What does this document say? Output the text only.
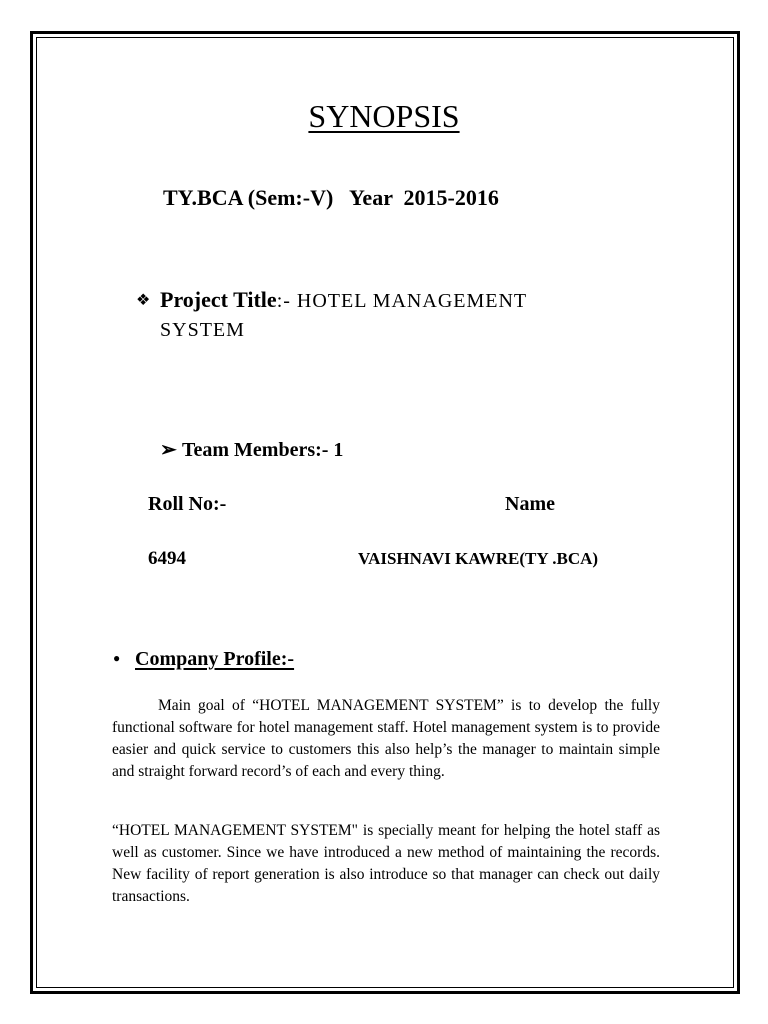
SYNOPSIS
TY.BCA (Sem:-V)   Year  2015-2016
❖ Project Title:- HOTEL MANAGEMENT
SYSTEM
➢ Team Members:- 1
Roll No:-	Name
6494	VAISHNAVI KAWRE(TY .BCA)
● Company Profile:-
Main goal of “HOTEL MANAGEMENT SYSTEM” is to develop the fully functional software for hotel management staff. Hotel management system is to provide easier and quick service to customers this also help’s the manager to maintain simple and straight forward record’s of each and every thing.
“HOTEL MANAGEMENT SYSTEM" is specially meant for helping the hotel staff as well as customer. Since we have introduced a new method of maintaining the records. New facility of report generation is also introduce so that manager can check out daily transactions.
